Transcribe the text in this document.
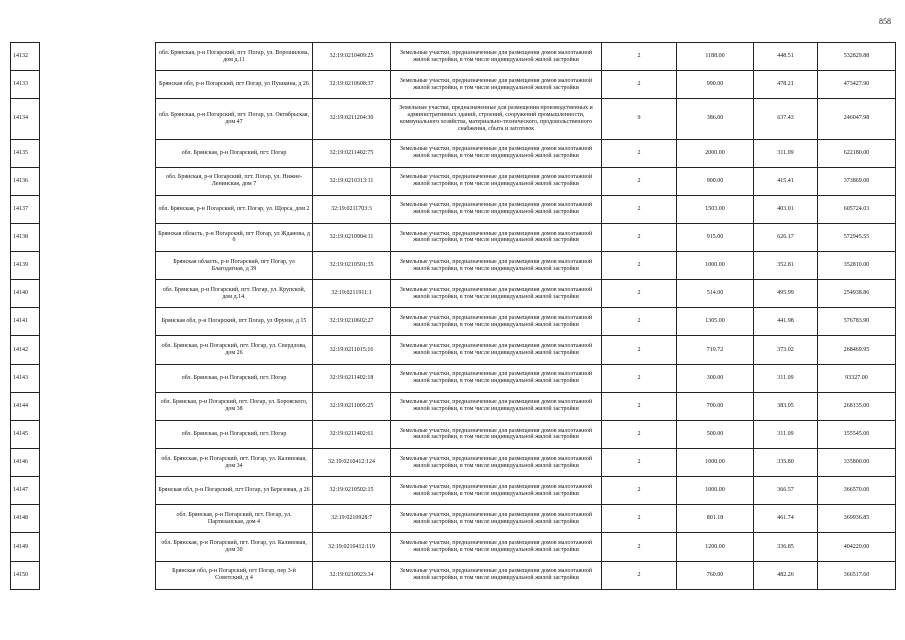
858
14132		обл. Брянская, р-н Погарский, пгт. Погар, ул. Ворошилова, дом д.11	32:19:0210409:25	Земельные участки, предназначенные для размещения домов малоэтажной жилой застройки, в том числе индивидуальной жилой застройки	2	1188.00	448.51	532829.88
14133		Брянская обл, р-н Погарский, пгт Погар, ул Пушкина, д 26	32:19:0210608:37	Земельные участки, предназначенные для размещения домов малоэтажной жилой застройки, в том числе индивидуальной жилой застройки	2	990.00	478.21	473427.90
14134		обл. Брянская, р-н Погарский, пгт. Погар, ул. Октябрьская, дом 47	32:19:0211204:30	Земельные участки, предназначенные для размещения производственных и административных зданий, строений, сооружений промышленности, коммунального хозяйства, материально-технического, продовольственного снабжения, сбыта и заготовок	9	386.00	637.43	246047.98
14135		обл. Брянская, р-н Погарский, пгт. Погар	32:19:0211402:75	Земельные участки, предназначенные для размещения домов малоэтажной жилой застройки, в том числе индивидуальной жилой застройки	2	2000.00	311.09	622180.00
14136		обл. Брянская, р-н Погарский, пгт. Погар, ул. Нижне-Ленинская, дом 7	32:19:0210313:11	Земельные участки, предназначенные для размещения домов малоэтажной жилой застройки, в том числе индивидуальной жилой застройки	2	900.00	415.41	373869.00
14137		обл. Брянская, р-н Погарский, пгт. Погар, ул. Щорса, дом 2	32:19:0211703:3	Земельные участки, предназначенные для размещения домов малоэтажной жилой застройки, в том числе индивидуальной жилой застройки	2	1503.00	403.01	605724.03
14138		Брянская область, р-н Погарский, пгт Погар, ул Жданова, д 6	32:19:0210904:11	Земельные участки, предназначенные для размещения домов малоэтажной жилой застройки, в том числе индивидуальной жилой застройки	2	915.00	626.17	572945.55
14139		Брянская область, р-н Погарский, пгт Погар, ул Благодатная, д 39	32:19:0210501:35	Земельные участки, предназначенные для размещения домов малоэтажной жилой застройки, в том числе индивидуальной жилой застройки	2	1000.00	352.81	352810.00
14140		обл. Брянская, р-н Погарский, пгт. Погар, ул. Крупской, дом д.14.	32:19:0211911:1	Земельные участки, предназначенные для размещения домов малоэтажной жилой застройки, в том числе индивидуальной жилой застройки	2	514.00	495.99	254938.86
14141		Брянская обл, р-н Погарский, пгт Погар, ул Фрунзе, д 15	32:19:0210602:27	Земельные участки, предназначенные для размещения домов малоэтажной жилой застройки, в том числе индивидуальной жилой застройки	2	1305.00	441.98	576783.90
14142		обл. Брянская, р-н Погарский, пгт. Погар, ул. Свердлова, дом 26	32:19:0211015:16	Земельные участки, предназначенные для размещения домов малоэтажной жилой застройки, в том числе индивидуальной жилой застройки	2	719.72	373.02	268469.95
14143		обл. Брянская, р-н Погарский, пгт. Погар	32:19:0211402:18	Земельные участки, предназначенные для размещения домов малоэтажной жилой застройки, в том числе индивидуальной жилой застройки	2	300.00	311.09	93327.00
14144		обл. Брянская, р-н Погарский, пгт. Погар, ул. Боровского, дом 38	32:19:0211005:25	Земельные участки, предназначенные для размещения домов малоэтажной жилой застройки, в том числе индивидуальной жилой застройки	2	700.00	383.05	268135.00
14145		обл. Брянская, р-н Погарский, пгт. Погар	32:19:0211402:61	Земельные участки, предназначенные для размещения домов малоэтажной жилой застройки, в том числе индивидуальной жилой застройки	2	500.00	311.09	155545.00
14146		обл. Брянская, р-н Погарский, пгт. Погар, ул. Калиновая, дом 34	32:19:0210412:124	Земельные участки, предназначенные для размещения домов малоэтажной жилой застройки, в том числе индивидуальной жилой застройки	2	1000.00	335.80	335800.00
14147		Брянская обл, р-н Погарский, пгт Погар, ул Березовая, д 26	32:19:0210502:15	Земельные участки, предназначенные для размещения домов малоэтажной жилой застройки, в том числе индивидуальной жилой застройки	2	1000.00	366.57	366570.00
14148		обл. Брянская, р-н Погарский, пгт. Погар, ул. Партизанская, дом 4	32:19:0210928:7	Земельные участки, предназначенные для размещения домов малоэтажной жилой застройки, в том числе индивидуальной жилой застройки	2	801.18	461.74	369936.85
14149		обл. Брянская, р-н Погарский, пгт. Погар, ул. Калиновая, дом 30	32:19:0210412:119	Земельные участки, предназначенные для размещения домов малоэтажной жилой застройки, в том числе индивидуальной жилой застройки	2	1200.00	336.85	404220.00
14150		Брянская обл, р-н Погарский, пгт Погар, пер 3-й Советский, д 4	32:19:0210923:34	Земельные участки, предназначенные для размещения домов малоэтажной жилой застройки, в том числе индивидуальной жилой застройки	2	760.00	482.26	366517.60
